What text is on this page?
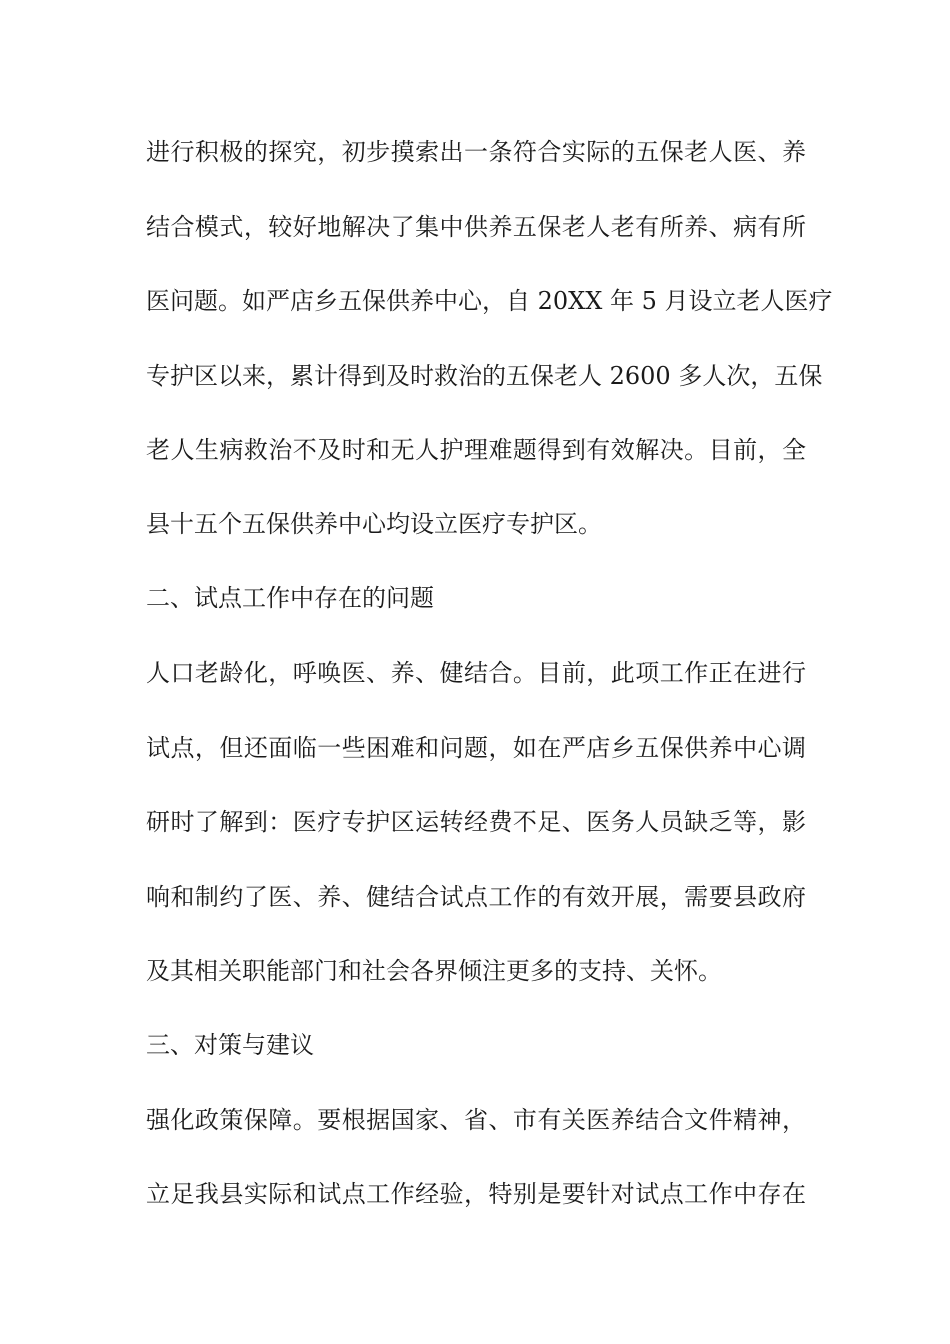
进行积极的探究，初步摸索出一条符合实际的五保老人医、养

结合模式，较好地解决了集中供养五保老人老有所养、病有所

医问题。如严店乡五保供养中心，自 20XX 年 5 月设立老人医疗

专护区以来，累计得到及时救治的五保老人 2600 多人次，五保

老人生病救治不及时和无人护理难题得到有效解决。目前，全

县十五个五保供养中心均设立医疗专护区。

二、试点工作中存在的问题

人口老龄化，呼唤医、养、健结合。目前，此项工作正在进行

试点，但还面临一些困难和问题，如在严店乡五保供养中心调

研时了解到：医疗专护区运转经费不足、医务人员缺乏等，影

响和制约了医、养、健结合试点工作的有效开展，需要县政府

及其相关职能部门和社会各界倾注更多的支持、关怀。

三、对策与建议

强化政策保障。要根据国家、省、市有关医养结合文件精神，

立足我县实际和试点工作经验，特别是要针对试点工作中存在
